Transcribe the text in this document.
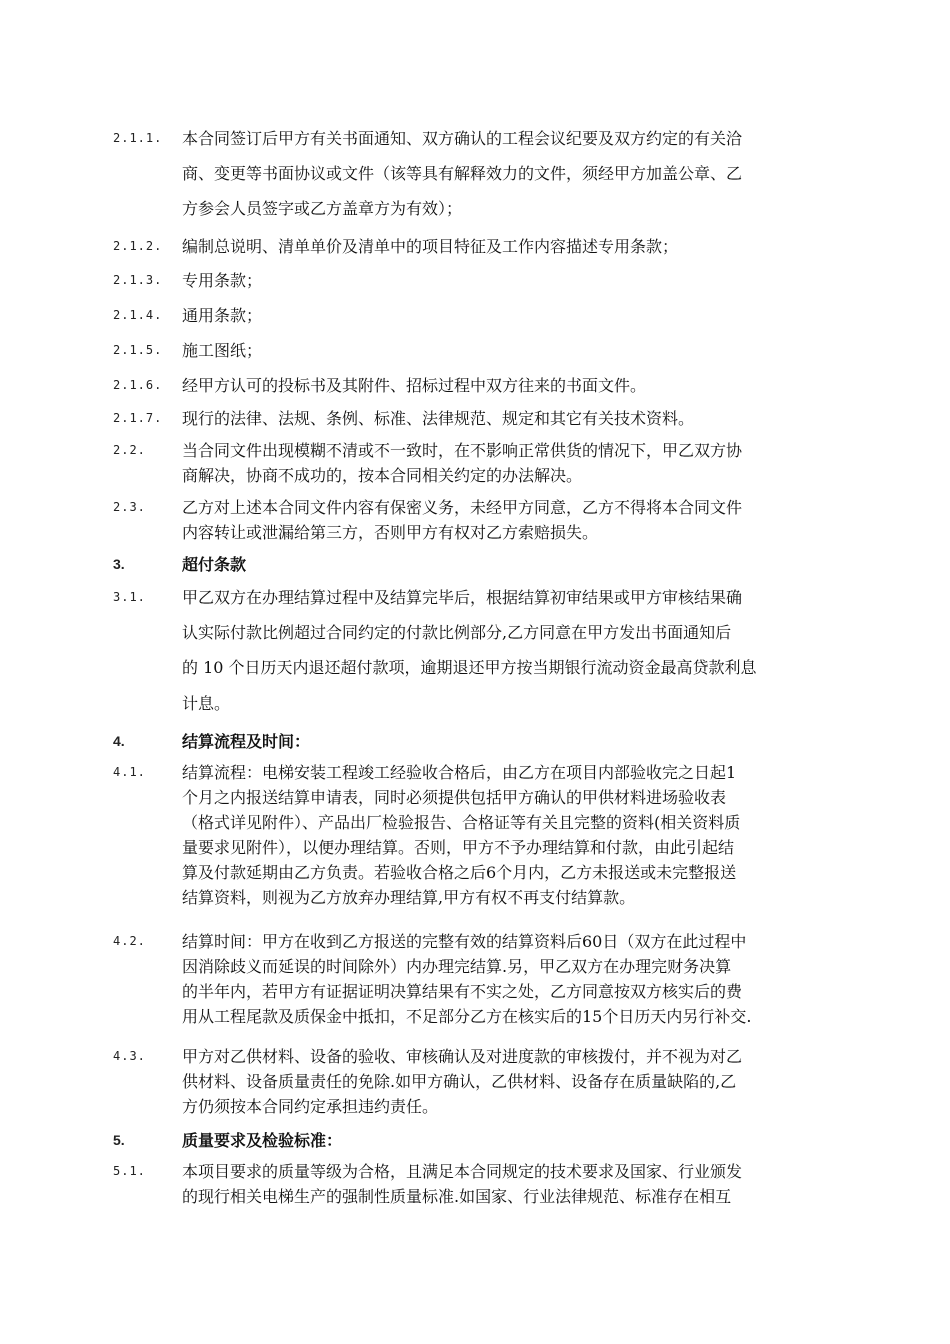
2.1.1. 本合同签订后甲方有关书面通知、双方确认的工程会议纪要及双方约定的有关洽
商、变更等书面协议或文件（该等具有解释效力的文件，须经甲方加盖公章、乙
方参会人员签字或乙方盖章方为有效）；
2.1.2. 编制总说明、清单单价及清单中的项目特征及工作内容描述专用条款；
2.1.3. 专用条款；
2.1.4. 通用条款；
2.1.5. 施工图纸；
2.1.6. 经甲方认可的投标书及其附件、招标过程中双方往来的书面文件。
2.1.7. 现行的法律、法规、条例、标准、法律规范、规定和其它有关技术资料。
2.2. 当合同文件出现模糊不清或不一致时，在不影响正常供货的情况下，甲乙双方协
商解决，协商不成功的，按本合同相关约定的办法解决。
2.3. 乙方对上述本合同文件内容有保密义务，未经甲方同意，乙方不得将本合同文件
内容转让或泄漏给第三方，否则甲方有权对乙方索赔损失。
3.	超付条款
3.1. 甲乙双方在办理结算过程中及结算完毕后，根据结算初审结果或甲方审核结果确
认实际付款比例超过合同约定的付款比例部分,乙方同意在甲方发出书面通知后
的 10 个日历天内退还超付款项，逾期退还甲方按当期银行流动资金最高贷款利息
计息。
4.	结算流程及时间：
4.1. 结算流程：电梯安装工程竣工经验收合格后，由乙方在项目内部验收完之日起1
个月之内报送结算申请表，同时必须提供包括甲方确认的甲供材料进场验收表
（格式详见附件）、产品出厂检验报告、合格证等有关且完整的资料(相关资料质
量要求见附件），以便办理结算。否则，甲方不予办理结算和付款，由此引起结
算及付款延期由乙方负责。若验收合格之后6个月内，乙方未报送或未完整报送
结算资料，则视为乙方放弃办理结算,甲方有权不再支付结算款。
4.2. 结算时间：甲方在收到乙方报送的完整有效的结算资料后60日（双方在此过程中
因消除歧义而延误的时间除外）内办理完结算.另，甲乙双方在办理完财务决算
的半年内，若甲方有证据证明决算结果有不实之处，乙方同意按双方核实后的费
用从工程尾款及质保金中抵扣，不足部分乙方在核实后的15个日历天内另行补交.
4.3. 甲方对乙供材料、设备的验收、审核确认及对进度款的审核拨付，并不视为对乙
供材料、设备质量责任的免除.如甲方确认，乙供材料、设备存在质量缺陷的,乙
方仍须按本合同约定承担违约责任。
5.	质量要求及检验标准：
5.1. 本项目要求的质量等级为合格，且满足本合同规定的技术要求及国家、行业颁发
的现行相关电梯生产的强制性质量标准.如国家、行业法律规范、标准存在相互
